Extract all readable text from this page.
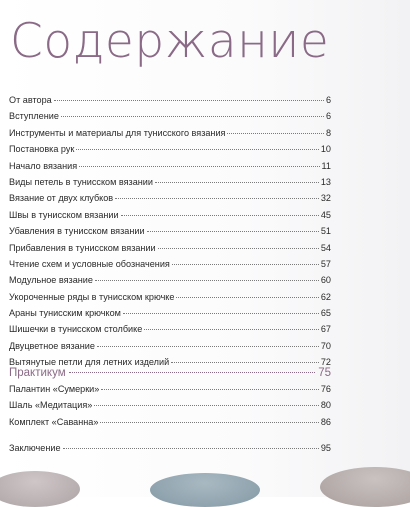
Содержание
От автора	6
Вступление	6
Инструменты и материалы для тунисского вязания	8
Постановка рук	10
Начало вязания	11
Виды петель в тунисском вязании	13
Вязание от двух клубков	32
Швы в тунисском вязании	45
Убавления в тунисском вязании	51
Прибавления в тунисском вязании	54
Чтение схем и условные обозначения	57
Модульное вязание	60
Укороченные ряды в тунисском крючке	62
Араны тунисским крючком	65
Шишечки в тунисском столбике	67
Двуцветное вязание	70
Вытянутые петли для летних изделий	72
Практикум	75
Палантин «Сумерки»	76
Шаль «Медитация»	80
Комплект «Саванна»	86
Заключение	95
